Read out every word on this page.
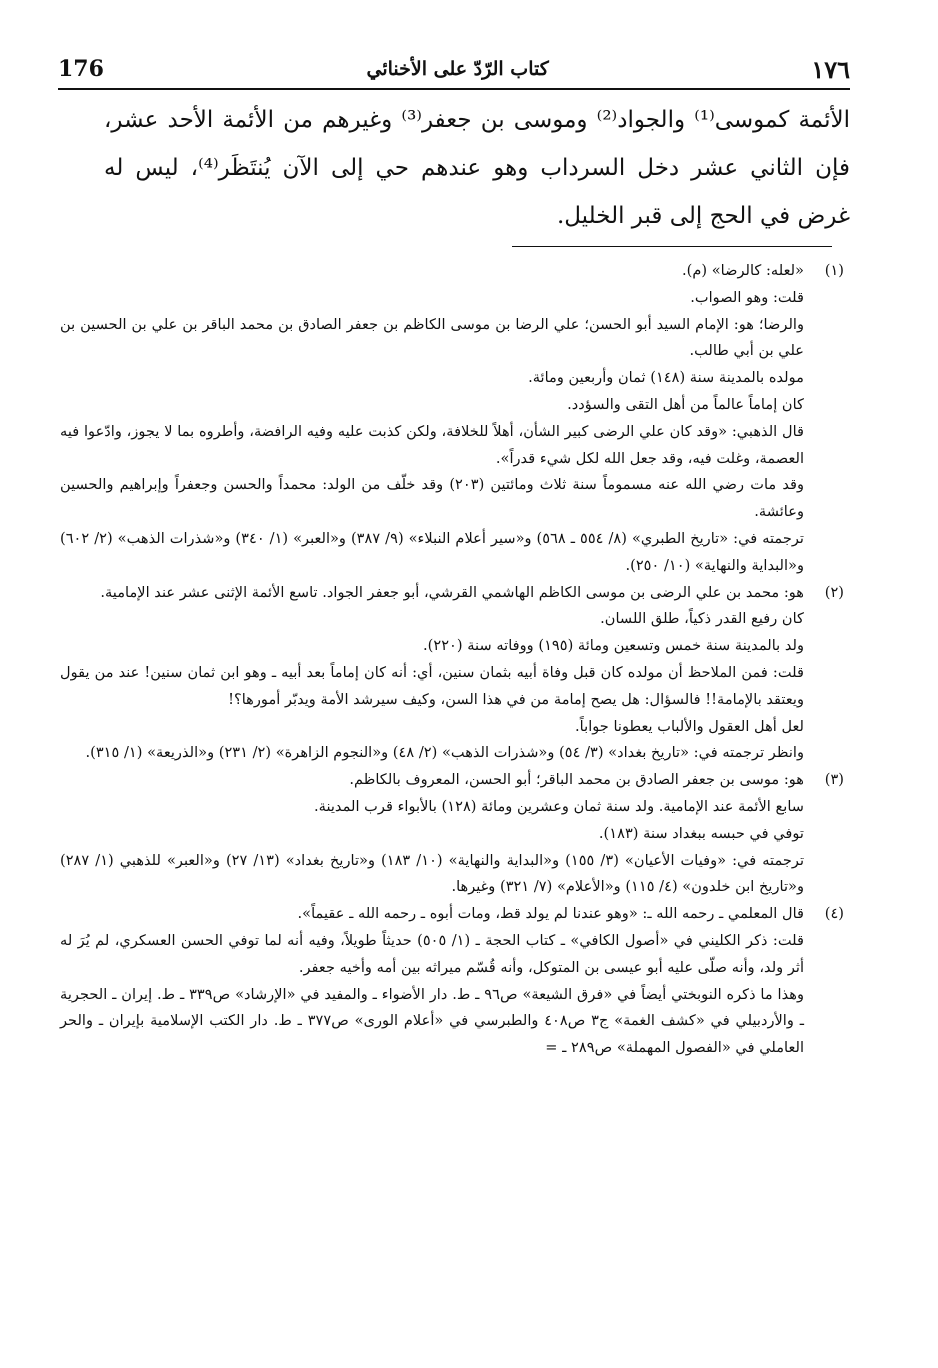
176	كتاب الرّدّ على الأخنائي	١٧٦

الأئمة كموسى⁽¹⁾ والجواد⁽²⁾ وموسى بن جعفر⁽³⁾ وغيرهم من الأئمة الأحد عشر، فإن الثاني عشر دخل السرداب وهو عندهم حي إلى الآن يُنتَظَر⁽⁴⁾، ليس له غرض في الحج إلى قبر الخليل.

(١)

«لعله: كالرضا» (م).

قلت: وهو الصواب.

والرضا؛ هو: الإمام السيد أبو الحسن؛ علي الرضا بن موسى الكاظم بن جعفر الصادق بن محمد الباقر بن علي بن الحسين بن علي بن أبي طالب.

مولده بالمدينة سنة (١٤٨) ثمان وأربعين ومائة.

كان إماماً عالماً من أهل التقى والسؤدد.

قال الذهبي: «وقد كان علي الرضى كبير الشأن، أهلاً للخلافة، ولكن كذبت عليه وفيه الرافضة، وأطروه بما لا يجوز، وادّعوا فيه العصمة، وغلت فيه، وقد جعل الله لكل شيء قدراً».

وقد مات رضي الله عنه مسموماً سنة ثلاث ومائتين (٢٠٣) وقد خلّف من الولد: محمداً والحسن وجعفراً وإبراهيم والحسين وعائشة.

ترجمته في: «تاريخ الطبري» (٨/ ٥٥٤ ـ ٥٦٨) و«سير أعلام النبلاء» (٩/ ٣٨٧) و«العبر» (١/ ٣٤٠) و«شذرات الذهب» (٢/ ٦٠٢) و«البداية والنهاية» (١٠/ ٢٥٠).

(٢)

هو: محمد بن علي الرضى بن موسى الكاظم الهاشمي القرشي، أبو جعفر الجواد. تاسع الأئمة الإثنى عشر عند الإمامية.

كان رفيع القدر ذكياً، طلق اللسان.

ولد بالمدينة سنة خمس وتسعين ومائة (١٩٥) ووفاته سنة (٢٢٠).

قلت: فمن الملاحظ أن مولده كان قبل وفاة أبيه بثمان سنين، أي: أنه كان إماماً بعد أبيه ـ وهو ابن ثمان سنين! عند من يقول ويعتقد بالإمامة!! فالسؤال: هل يصح إمامة من في هذا السن، وكيف سيرشد الأمة ويدبّر أمورها؟!

لعل أهل العقول والألباب يعطونا جواباً.

وانظر ترجمته في: «تاريخ بغداد» (٣/ ٥٤) و«شذرات الذهب» (٢/ ٤٨) و«النجوم الزاهرة» (٢/ ٢٣١) و«الذريعة» (١/ ٣١٥).

(٣)

هو: موسى بن جعفر الصادق بن محمد الباقر؛ أبو الحسن، المعروف بالكاظم.

سابع الأئمة عند الإمامية. ولد سنة ثمان وعشرين ومائة (١٢٨) بالأبواء قرب المدينة.

توفي في حبسه ببغداد سنة (١٨٣).

ترجمته في: «وفيات الأعيان» (٣/ ١٥٥) و«البداية والنهاية» (١٠/ ١٨٣) و«تاريخ بغداد» (١٣/ ٢٧) و«العبر» للذهبي (١/ ٢٨٧) و«تاريخ ابن خلدون» (٤/ ١١٥) و«الأعلام» (٧/ ٣٢١) وغيرها.

(٤)

قال المعلمي ـ رحمه الله ـ: «وهو عندنا لم يولد قط، ومات أبوه ـ رحمه الله ـ عقيماً».

قلت: ذكر الكليني في «أصول الكافي» ـ كتاب الحجة ـ (١/ ٥٠٥) حديثاً طويلاً، وفيه أنه لما توفي الحسن العسكري، لم يُرَ له أثر ولد، وأنه صلّى عليه أبو عيسى بن المتوكل، وأنه قُسّم ميراثه بين أمه وأخيه جعفر.

وهذا ما ذكره النوبختي أيضاً في «فرق الشيعة» ص٩٦ ـ ط. دار الأضواء ـ والمفيد في «الإرشاد» ص٣٣٩ ـ ط. إيران ـ الحجرية ـ والأردبيلي في «كشف الغمة» ج٣ ص٤٠٨ والطبرسي في «أعلام الورى» ص٣٧٧ ـ ط. دار الكتب الإسلامية بإيران ـ والحر العاملي في «الفصول المهملة» ص٢٨٩ ـ =
